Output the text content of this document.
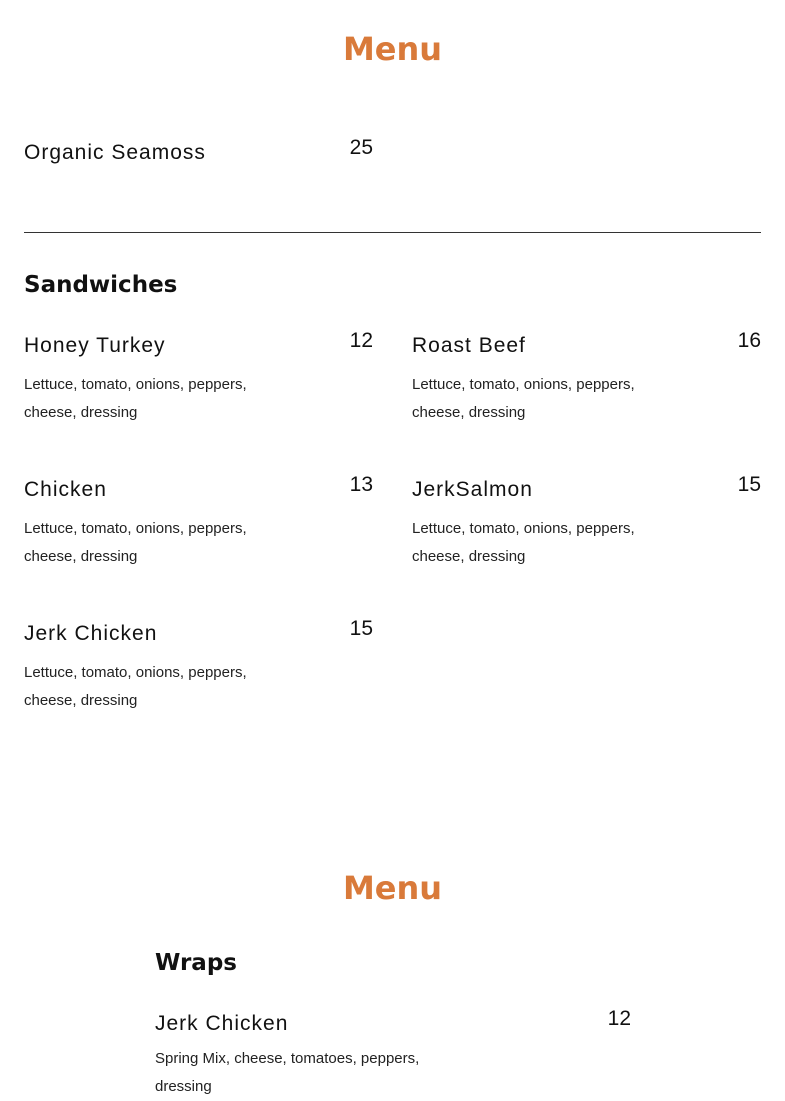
Menu
Organic Seamoss	25
Sandwiches
Honey Turkey	12
Lettuce, tomato, onions, peppers,
cheese, dressing
Roast Beef	16
Lettuce, tomato, onions, peppers,
cheese, dressing
Chicken	13
Lettuce, tomato, onions, peppers,
cheese, dressing
JerkSalmon	15
Lettuce, tomato, onions, peppers,
cheese, dressing
Jerk Chicken	15
Lettuce, tomato, onions, peppers,
cheese, dressing
Menu
Wraps
Jerk Chicken	12
Spring Mix, cheese, tomatoes, peppers,
dressing
